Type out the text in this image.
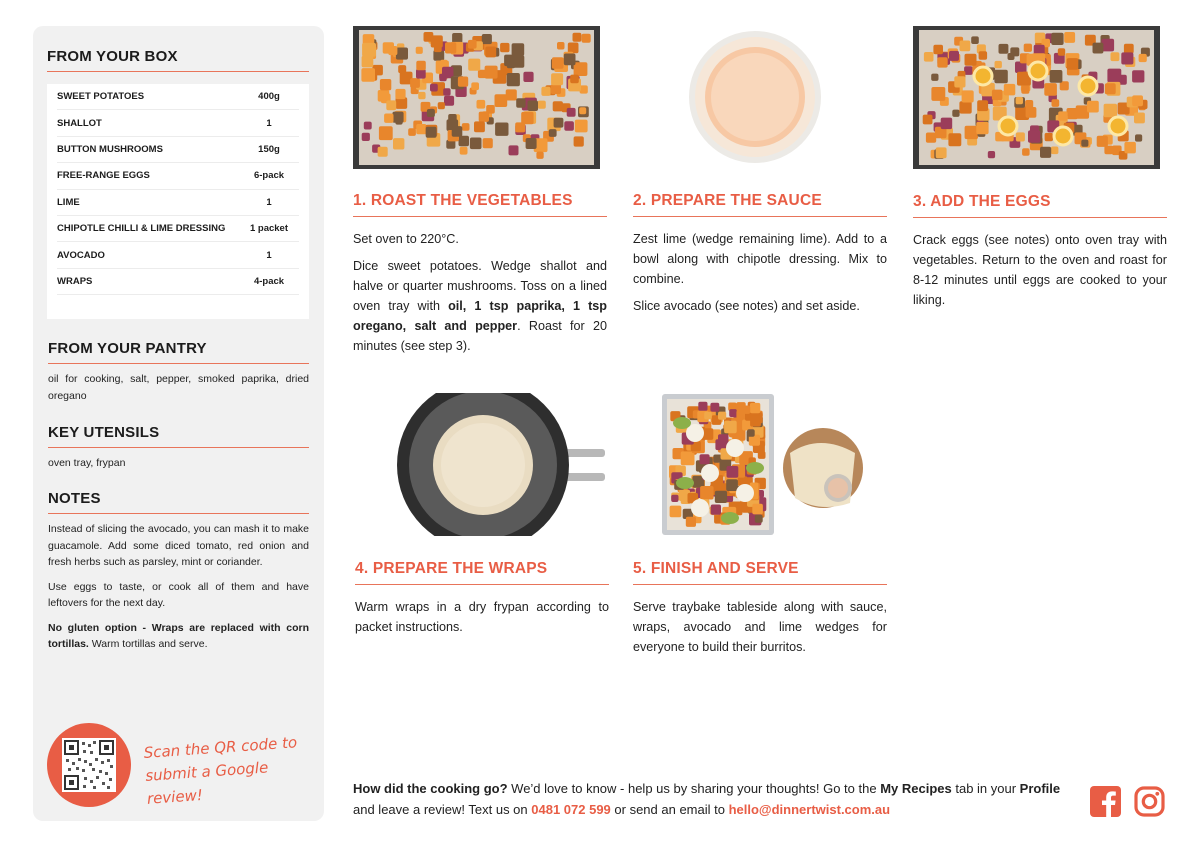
FROM YOUR BOX
SWEET POTATOES	400g
SHALLOT	1
BUTTON MUSHROOMS	150g
FREE-RANGE EGGS	6-pack
LIME	1
CHIPOTLE CHILLI & LIME DRESSING	1 packet
AVOCADO	1
WRAPS	4-pack
FROM YOUR PANTRY
oil for cooking, salt, pepper, smoked paprika, dried oregano
KEY UTENSILS
oven tray, frypan
NOTES

Instead of slicing the avocado, you can mash it to make guacamole. Add some diced tomato, red onion and fresh herbs such as parsley, mint or coriander.

Use eggs to taste, or cook all of them and have leftovers for the next day.

No gluten option - Wraps are replaced with corn tortillas. Warm tortillas and serve.

Scan the QR code to
submit a Google review!
1. ROAST THE VEGETABLES

Set oven to 220°C.

Dice sweet potatoes. Wedge shallot and halve or quarter mushrooms. Toss on a lined oven tray with oil, 1 tsp paprika, 1 tsp oregano, salt and pepper. Roast for 20 minutes (see step 3).

2. PREPARE THE SAUCE

Zest lime (wedge remaining lime). Add to a bowl along with chipotle dressing. Mix to combine.

Slice avocado (see notes) and set aside.

3. ADD THE EGGS

Crack eggs (see notes) onto oven tray with vegetables. Return to the oven and roast for 8-12 minutes until eggs are cooked to your liking.

4. PREPARE THE WRAPS

Warm wraps in a dry frypan according to packet instructions.

5. FINISH AND SERVE

Serve traybake tableside along with sauce, wraps, avocado and lime wedges for everyone to build their burritos.

How did the cooking go? We’d love to know - help us by sharing your thoughts! Go to the My Recipes tab in your Profile and leave a review! Text us on 0481 072 599 or send an email to hello@dinnertwist.com.au
